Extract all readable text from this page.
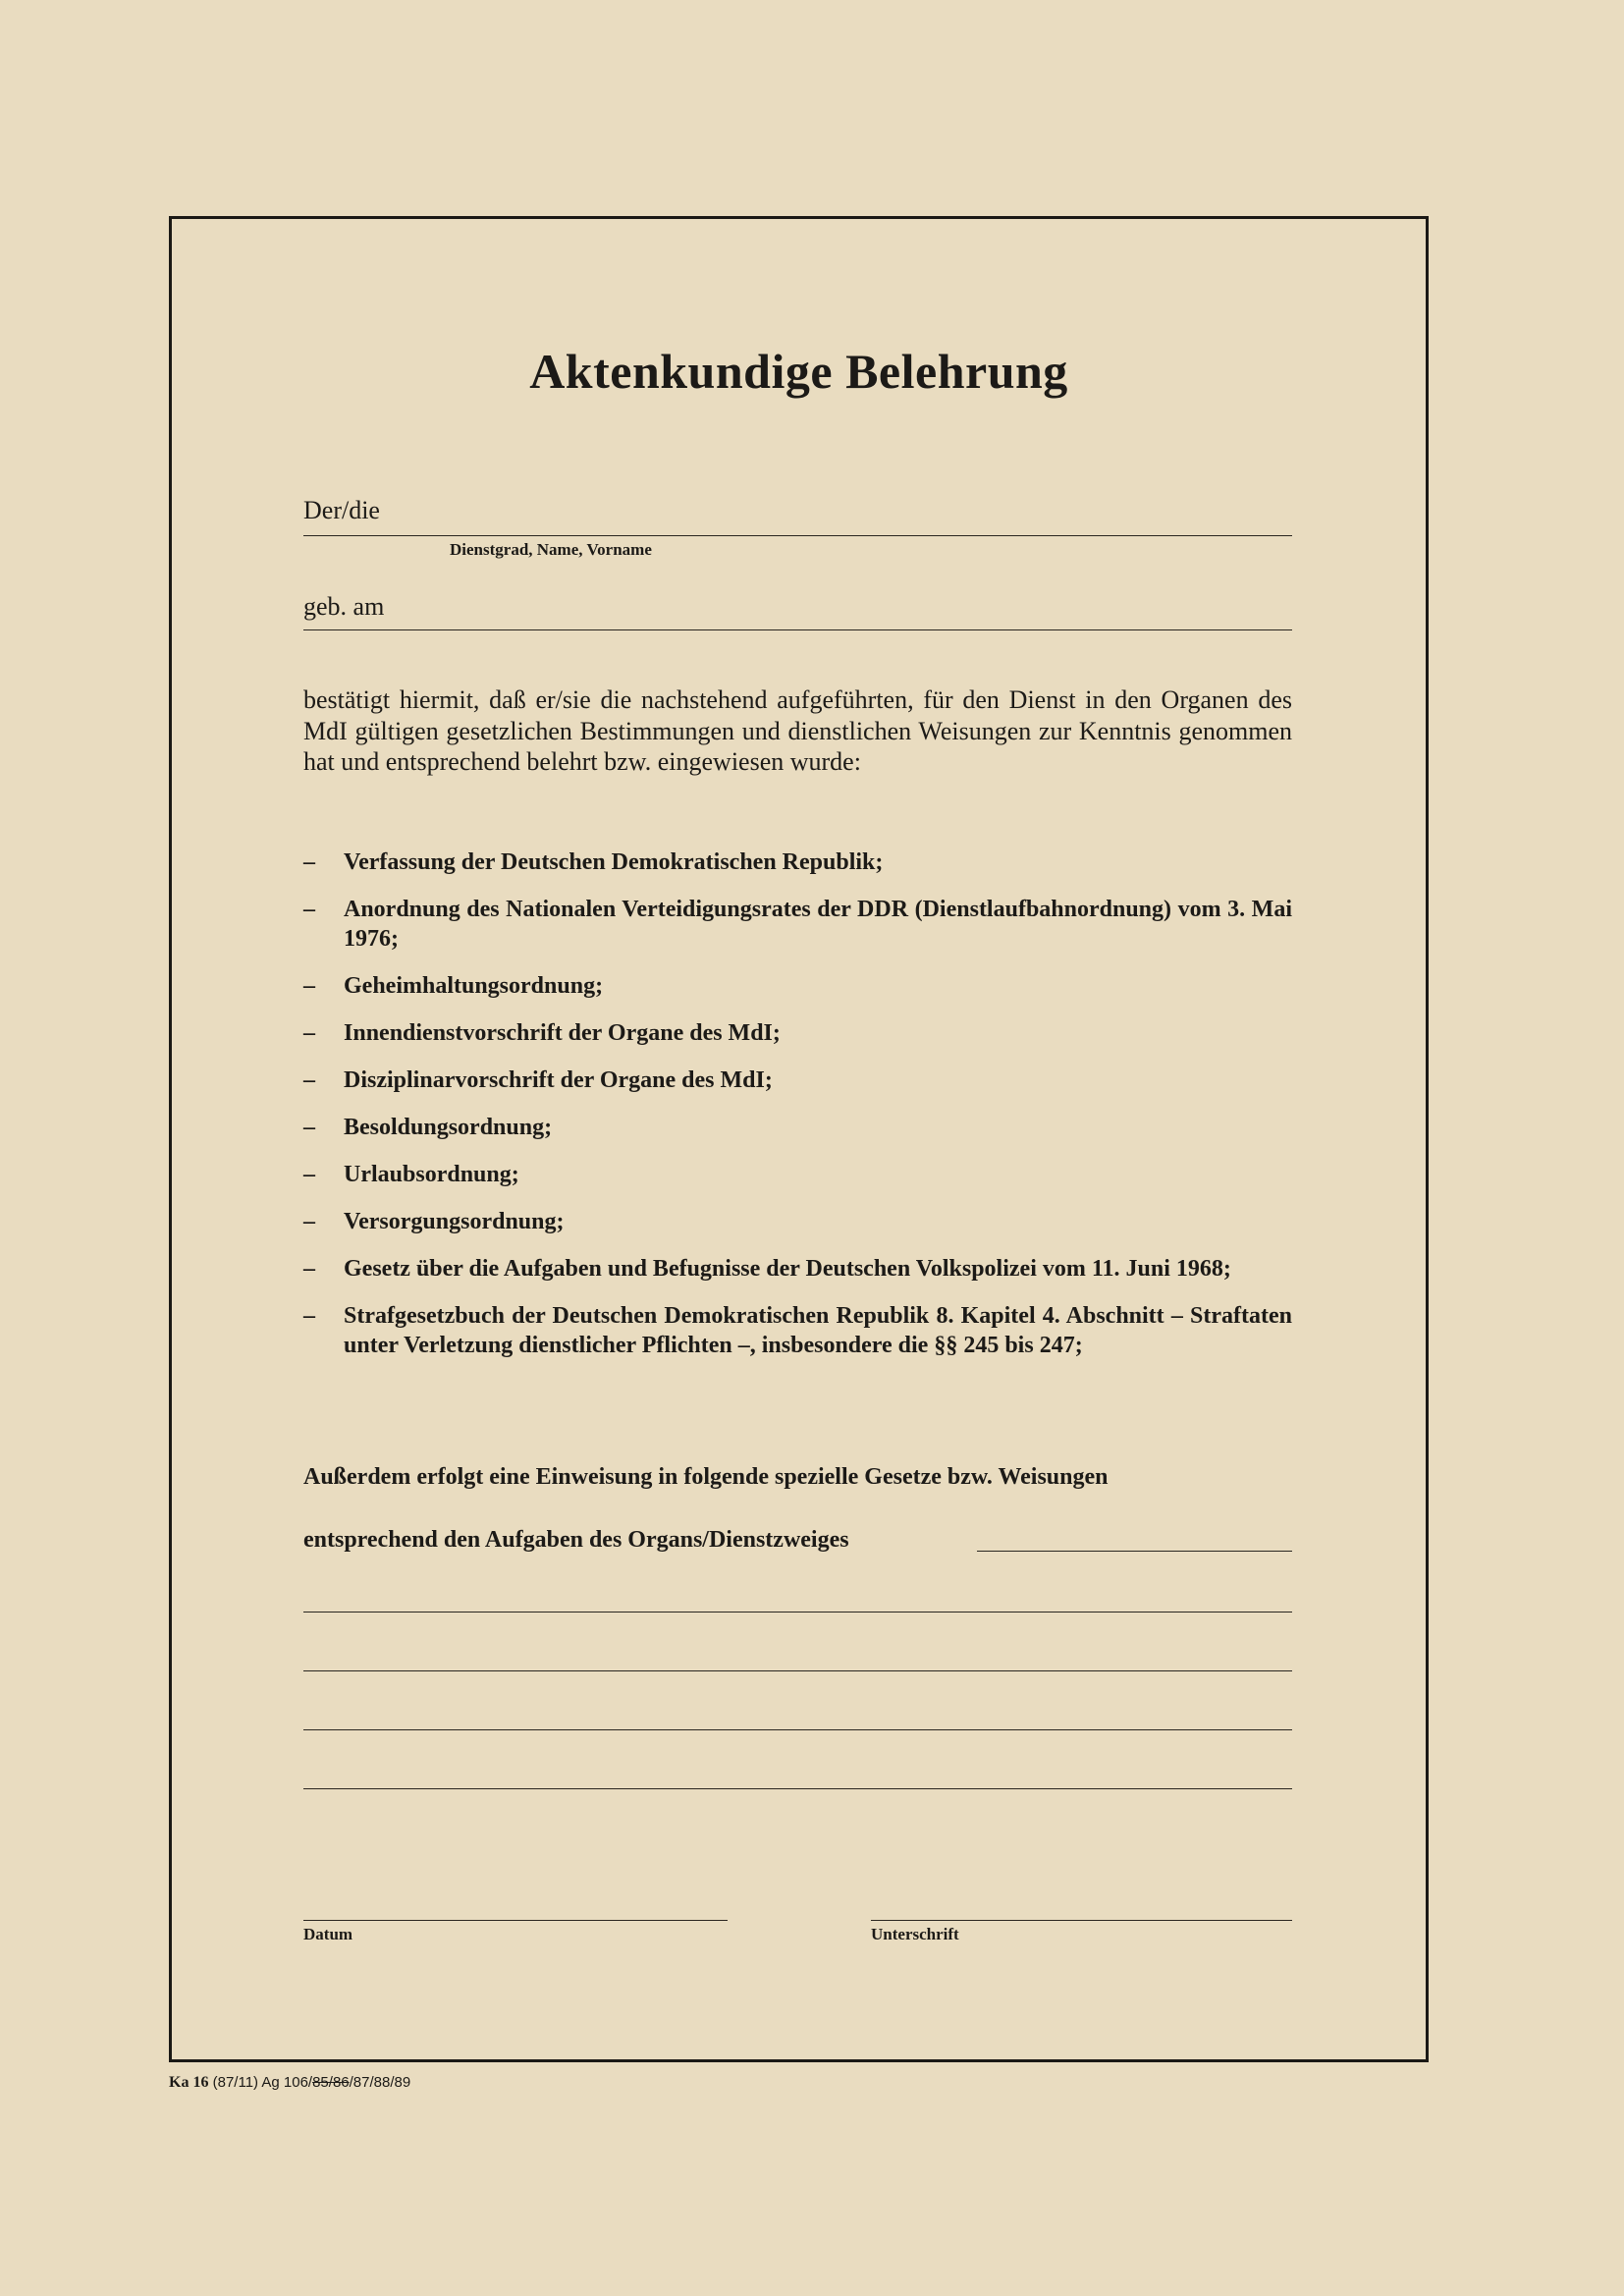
Aktenkundige Belehrung
Der/die
Dienstgrad, Name, Vorname
geb. am
bestätigt hiermit, daß er/sie die nachstehend aufgeführten, für den Dienst in den Organen des MdI gültigen gesetzlichen Bestimmungen und dienstlichen Weisungen zur Kenntnis genommen hat und entsprechend belehrt bzw. eingewiesen wurde:
– Verfassung der Deutschen Demokratischen Republik;
– Anordnung des Nationalen Verteidigungsrates der DDR (Dienstlaufbahnordnung) vom 3. Mai 1976;
– Geheimhaltungsordnung;
– Innendienstvorschrift der Organe des MdI;
– Disziplinarvorschrift der Organe des MdI;
– Besoldungsordnung;
– Urlaubsordnung;
– Versorgungsordnung;
– Gesetz über die Aufgaben und Befugnisse der Deutschen Volkspolizei vom 11. Juni 1968;
– Strafgesetzbuch der Deutschen Demokratischen Republik 8. Kapitel 4. Abschnitt – Straftaten unter Verletzung dienstlicher Pflichten –, insbesondere die §§ 245 bis 247;
Außerdem erfolgt eine Einweisung in folgende spezielle Gesetze bzw. Weisungen
entsprechend den Aufgaben des Organs/Dienstzweiges
Datum	Unterschrift
Ka 16 (87/11) Ag 106/85/86/87/88/89
